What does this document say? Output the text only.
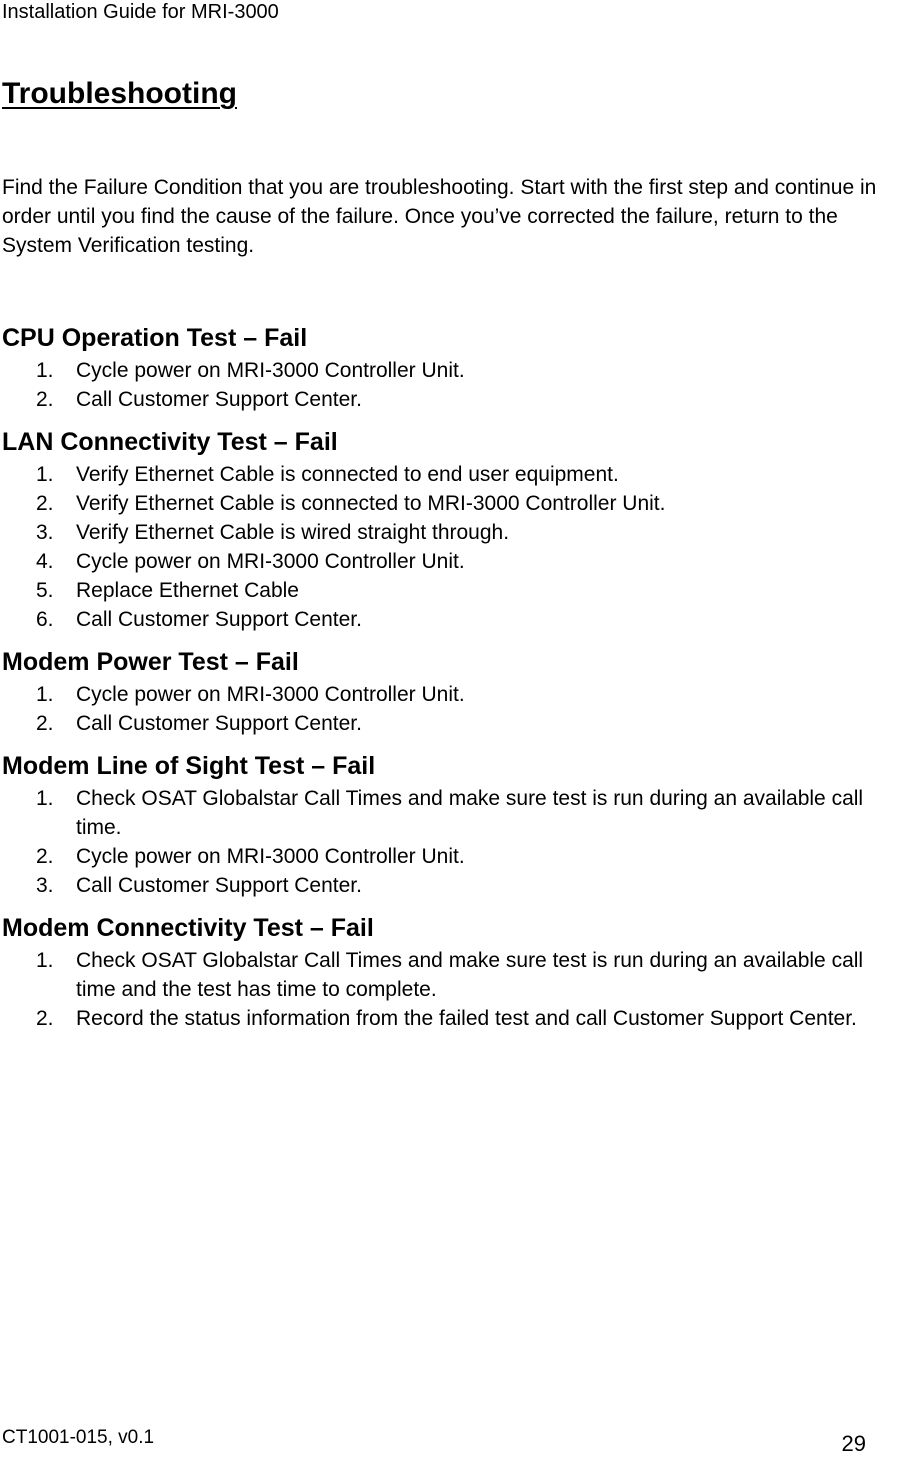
Installation Guide for MRI-3000
Troubleshooting

Find the Failure Condition that you are troubleshooting. Start with the first step and continue in order until you find the cause of the failure. Once you’ve corrected the failure, return to the System Verification testing.

CPU Operation Test – Fail
1.	Cycle power on MRI-3000 Controller Unit.
2.	Call Customer Support Center.
LAN Connectivity Test – Fail
1.	Verify Ethernet Cable is connected to end user equipment.
2.	Verify Ethernet Cable is connected to MRI-3000 Controller Unit.
3.	Verify Ethernet Cable is wired straight through.
4.	Cycle power on MRI-3000 Controller Unit.
5.	Replace Ethernet Cable
6.	Call Customer Support Center.
Modem Power Test – Fail
1.	Cycle power on MRI-3000 Controller Unit.
2.	Call Customer Support Center.
Modem Line of Sight Test – Fail
1.	Check OSAT Globalstar Call Times and make sure test is run during an available call time.
2.	Cycle power on MRI-3000 Controller Unit.
3.	Call Customer Support Center.
Modem Connectivity Test – Fail
1.	Check OSAT Globalstar Call Times and make sure test is run during an available call time and the test has time to complete.
2.	Record the status information from the failed test and call Customer Support Center.
CT1001-015, v0.1	29
